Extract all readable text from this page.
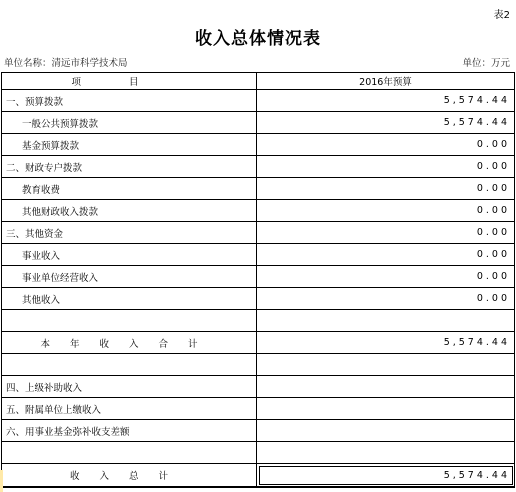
表2
收入总体情况表
单位名称：清远市科学技术局	单位：万元
项目	2016年预算
一、预算拨款	5,574.44
一般公共预算拨款	5,574.44
基金预算拨款	0.00
二、财政专户拨款	0.00
教育收费	0.00
其他财政收入拨款	0.00
三、其他资金	0.00
事业收入	0.00
事业单位经营收入	0.00
其他收入	0.00

本年收入合计	5,574.44

四、上级补助收入	
五、附属单位上缴收入	
六、用事业基金弥补收支差额	

收入总计	5,574.44
